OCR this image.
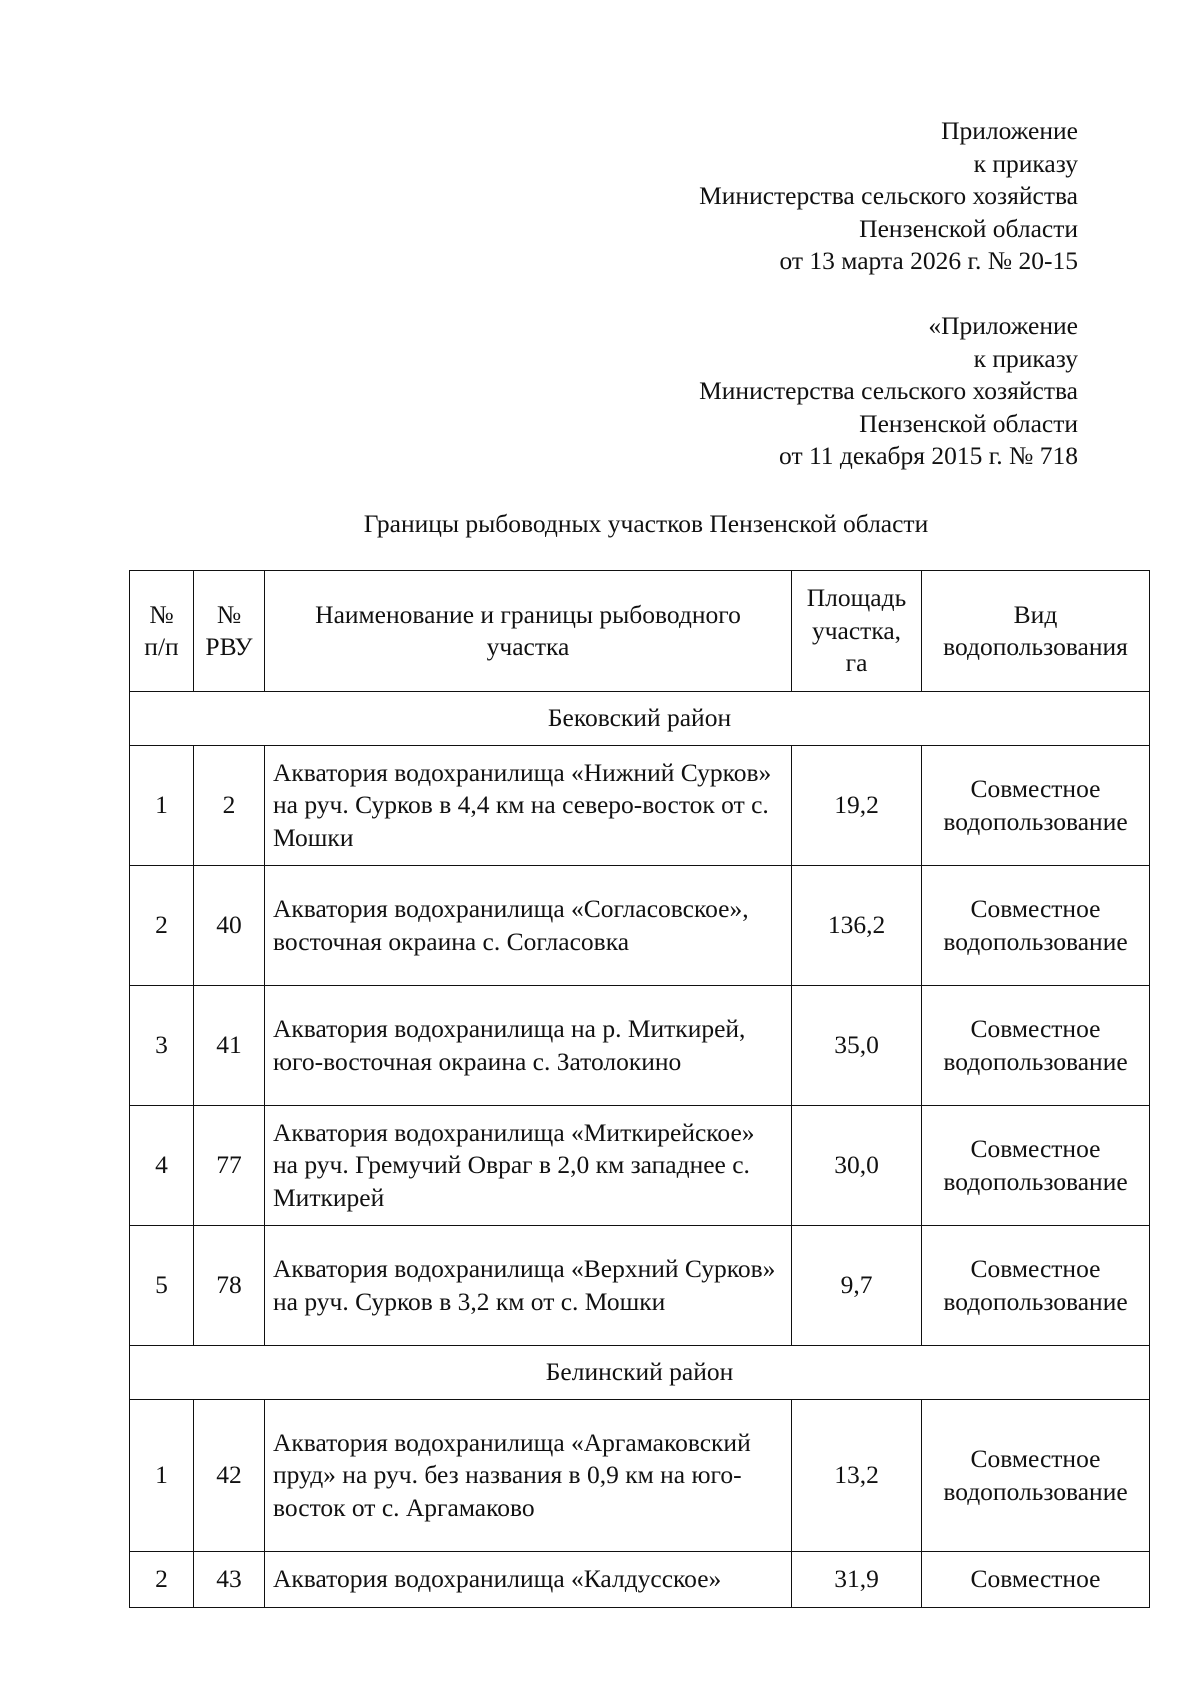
Приложение
к приказу
Министерства сельского хозяйства
Пензенской области
от 13 марта 2026 г. № 20-15
«Приложение
к приказу
Министерства сельского хозяйства
Пензенской области
от 11 декабря 2015 г. № 718
Границы рыбоводных участков Пензенской области
№ п/п	№ РВУ	Наименование и границы рыбоводного участка	Площадь участка, га	Вид водопользования
Бековский район				
1	2	Акватория водохранилища «Нижний Сурков» на руч. Сурков в 4,4 км на северо-восток от с. Мошки	19,2	Совместное водопользование
2	40	Акватория водохранилища «Согласовское», восточная окраина с. Согласовка	136,2	Совместное водопользование
3	41	Акватория водохранилища на р. Миткирей, юго-восточная окраина с. Затолокино	35,0	Совместное водопользование
4	77	Акватория водохранилища «Миткирейское» на руч. Гремучий Овраг в 2,0 км западнее с. Миткирей	30,0	Совместное водопользование
5	78	Акватория водохранилища «Верхний Сурков» на руч. Сурков в 3,2 км от с. Мошки	9,7	Совместное водопользование
Белинский район				
1	42	Акватория водохранилища «Аргамаковский пруд» на руч. без названия в 0,9 км на юго-восток от с. Аргамаково	13,2	Совместное водопользование
2	43	Акватория водохранилища «Калдусское»	31,9	Совместное
